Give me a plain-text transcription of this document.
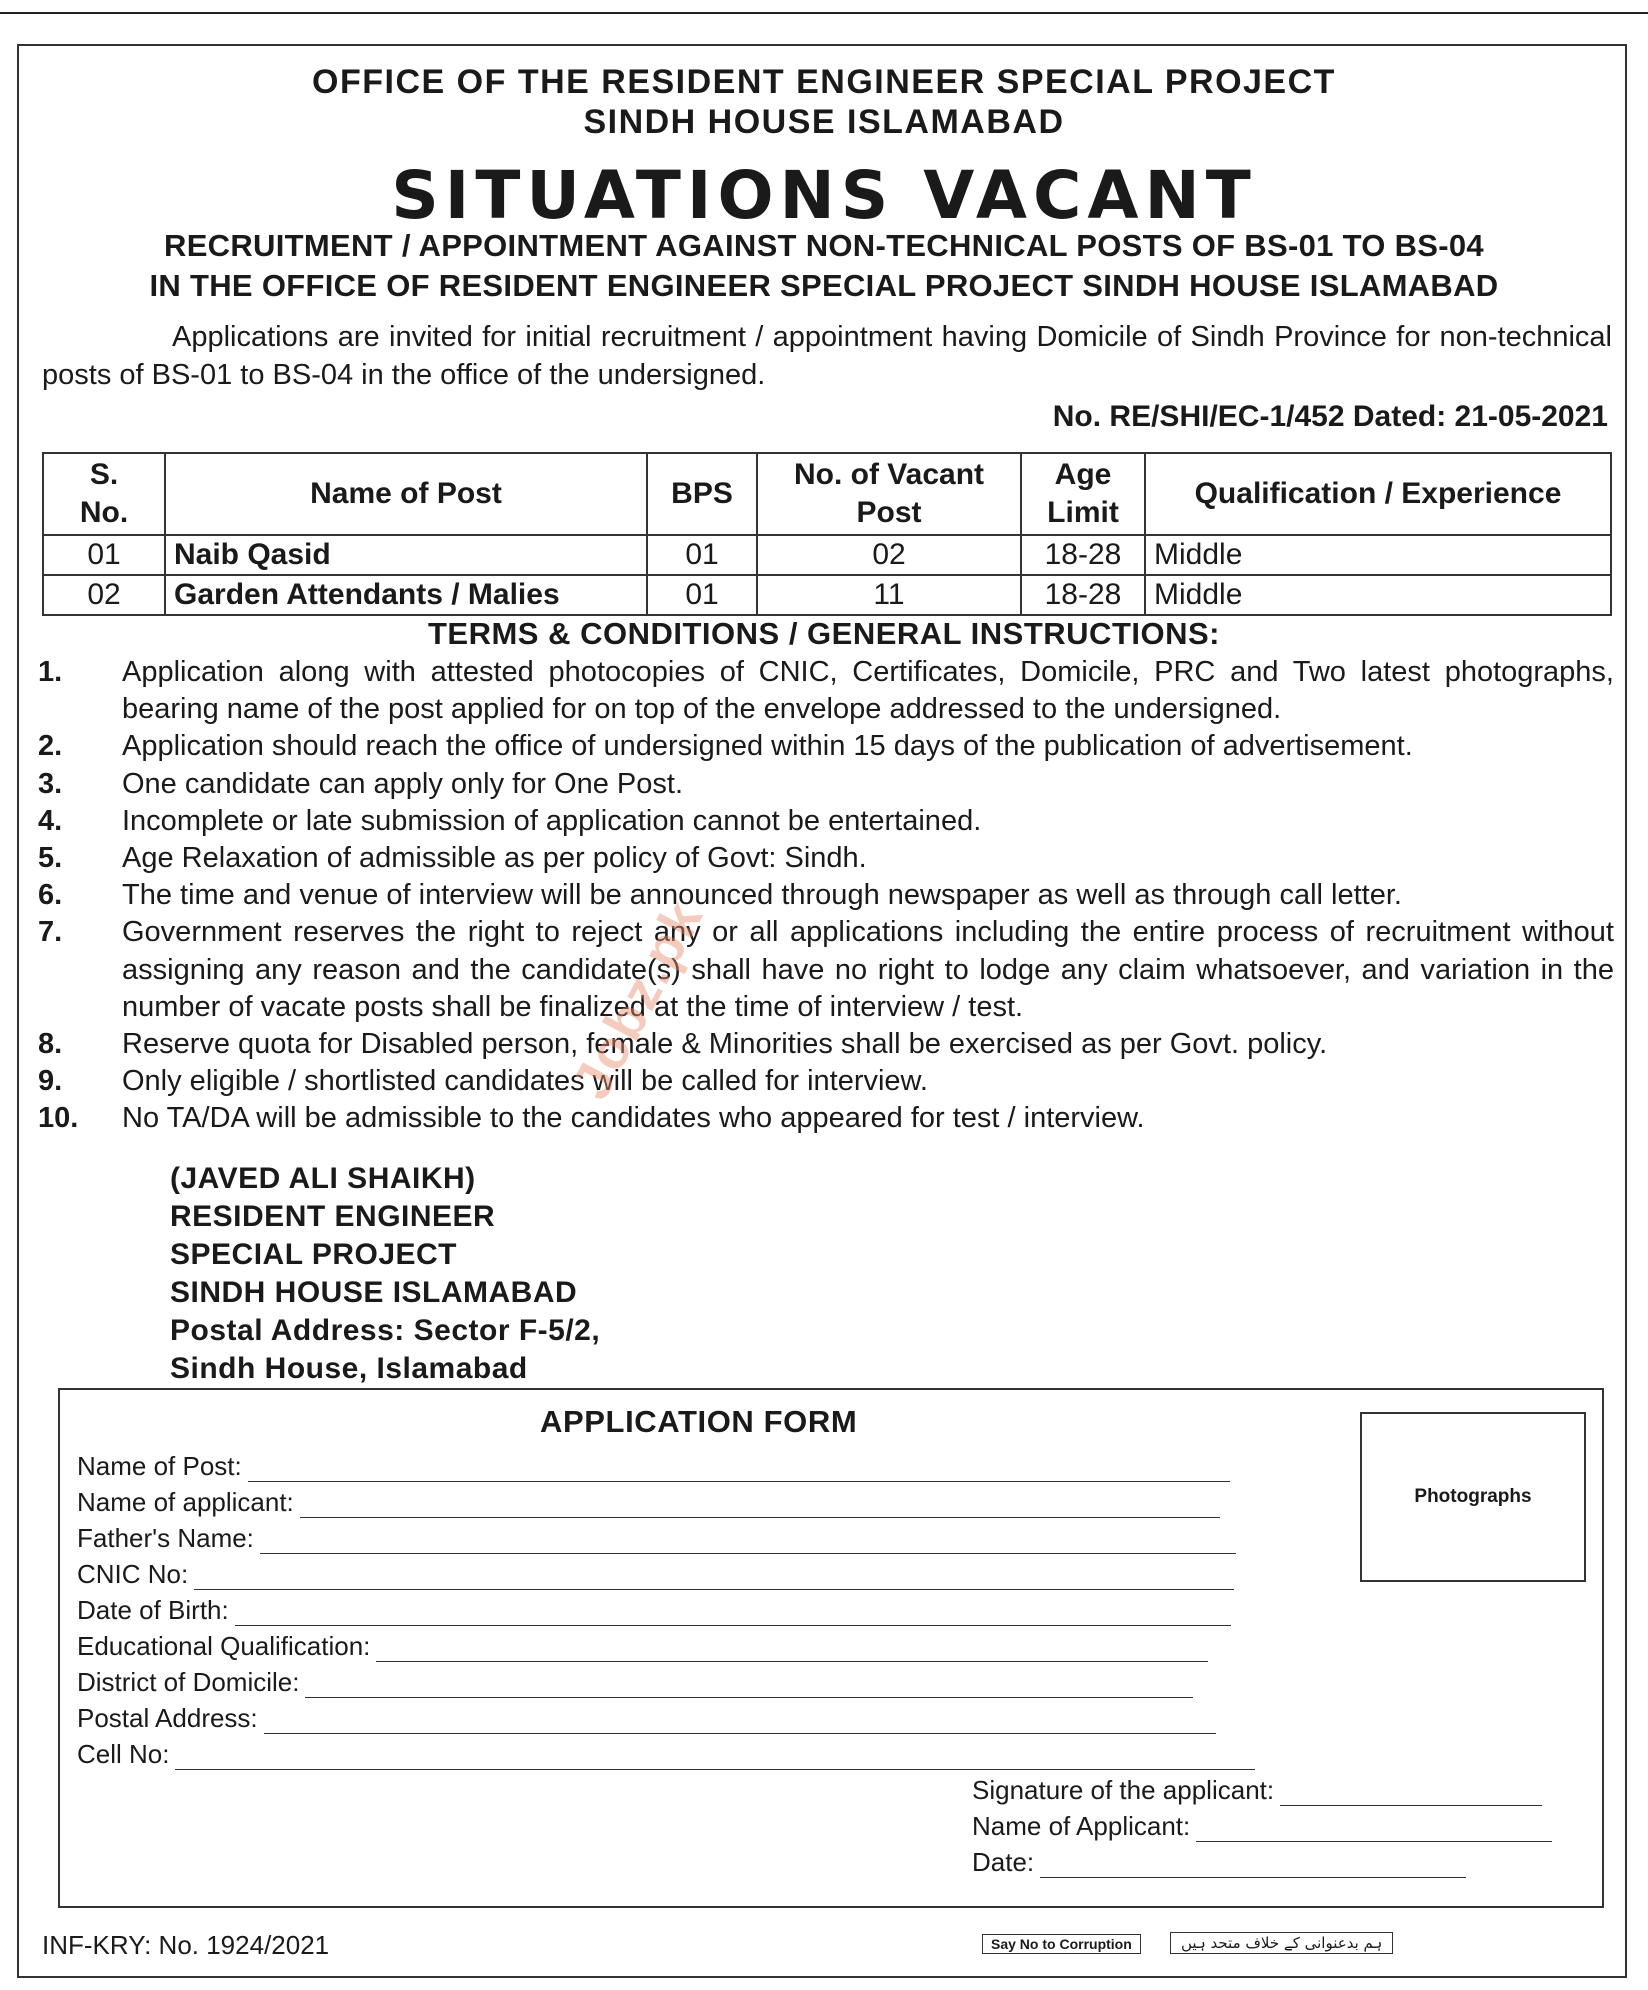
OFFICE OF THE RESIDENT ENGINEER SPECIAL PROJECT
SINDH HOUSE ISLAMABAD
SITUATIONS VACANT
RECRUITMENT / APPOINTMENT AGAINST NON-TECHNICAL POSTS OF BS-01 TO BS-04
IN THE OFFICE OF RESIDENT ENGINEER SPECIAL PROJECT SINDH HOUSE ISLAMABAD
Applications are invited for initial recruitment / appointment having Domicile of Sindh Province for non-technical posts of BS-01 to BS-04 in the office of the undersigned.
No. RE/SHI/EC-1/452 Dated: 21-05-2021
S. No.	Name of Post	BPS	No. of Vacant Post	Age Limit	Qualification / Experience
01	Naib Qasid	01	02	18-28	Middle
02	Garden Attendants / Malies	01	11	18-28	Middle
TERMS & CONDITIONS / GENERAL INSTRUCTIONS:
1.	Application along with attested photocopies of CNIC, Certificates, Domicile, PRC and Two latest photographs, bearing name of the post applied for on top of the envelope addressed to the undersigned.
2.	Application should reach the office of undersigned within 15 days of the publication of advertisement.
3.	One candidate can apply only for One Post.
4.	Incomplete or late submission of application cannot be entertained.
5.	Age Relaxation of admissible as per policy of Govt: Sindh.
6.	The time and venue of interview will be announced through newspaper as well as through call letter.
7.	Government reserves the right to reject any or all applications including the entire process of recruitment without assigning any reason and the candidate(s) shall have no right to lodge any claim whatsoever, and variation in the number of vacate posts shall be finalized at the time of interview / test.
8.	Reserve quota for Disabled person, female & Minorities shall be exercised as per Govt. policy.
9.	Only eligible / shortlisted candidates will be called for interview.
10.	No TA/DA will be admissible to the candidates who appeared for test / interview.
(JAVED ALI SHAIKH)
RESIDENT ENGINEER
SPECIAL PROJECT
SINDH HOUSE ISLAMABAD
Postal Address: Sector F-5/2,
Sindh House, Islamabad
Jobz.pk
APPLICATION FORM
Photographs
Name of Post:
Name of applicant:
Father's Name:
CNIC No:
Date of Birth:
Educational Qualification:
District of Domicile:
Postal Address:
Cell No:
Signature of the applicant:
Name of Applicant:
Date:
INF-KRY: No. 1924/2021	Say No to Corruption	ہم بدعنوانی کے خلاف متحد ہیں
